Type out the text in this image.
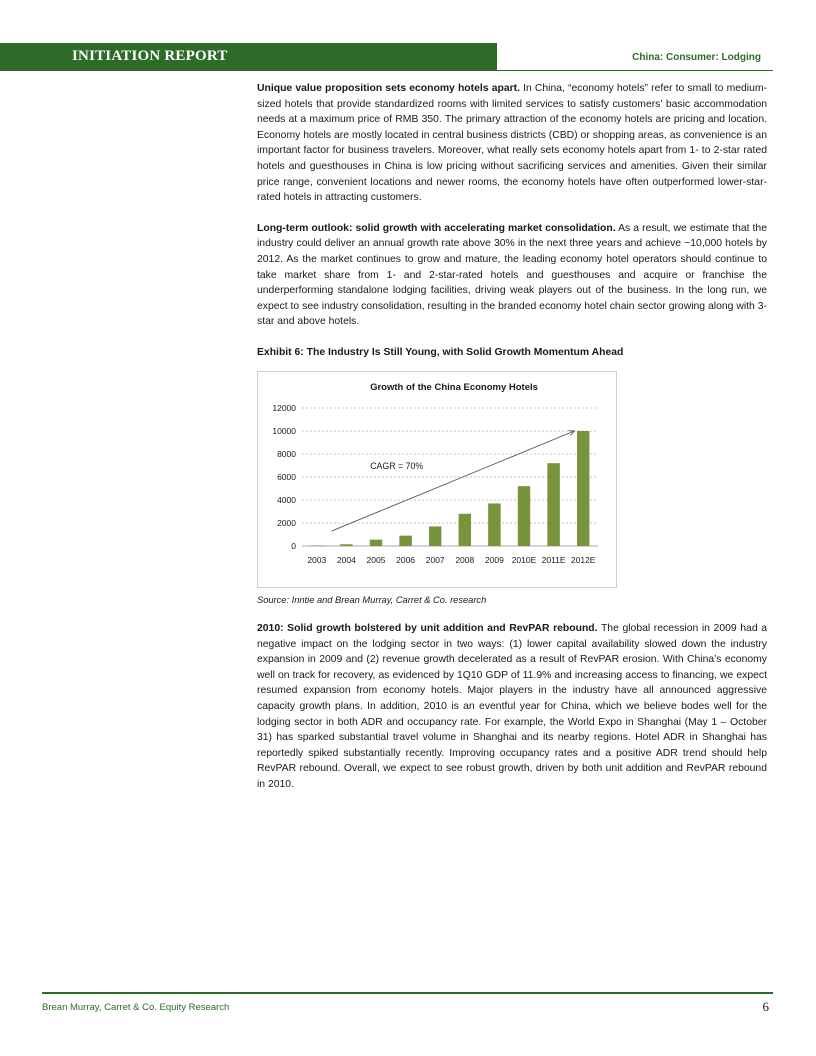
INITIATION REPORT	China: Consumer: Lodging

Unique value proposition sets economy hotels apart. In China, “economy hotels” refer to small to medium-sized hotels that provide standardized rooms with limited services to satisfy customers’ basic accommodation needs at a maximum price of RMB 350. The primary attraction of the economy hotels are pricing and location. Economy hotels are mostly located in central business districts (CBD) or shopping areas, as convenience is an important factor for business travelers. Moreover, what really sets economy hotels apart from 1- to 2-star rated hotels and guesthouses in China is low pricing without sacrificing services and amenities. Given their similar price range, convenient locations and newer rooms, the economy hotels have often outperformed lower-star-rated hotels in attracting customers.

Long-term outlook: solid growth with accelerating market consolidation. As a result, we estimate that the industry could deliver an annual growth rate above 30% in the next three years and achieve ~10,000 hotels by 2012. As the market continues to grow and mature, the leading economy hotel operators should continue to take market share from 1- and 2-star-rated hotels and guesthouses and acquire or franchise the underperforming standalone lodging facilities, driving weak players out of the business. In the long run, we expect to see industry consolidation, resulting in the branded economy hotel chain sector growing along with 3-star and above hotels.

Exhibit 6: The Industry Is Still Young, with Solid Growth Momentum Ahead
Growth of the China Economy Hotels
0
2000
4000
6000
8000
10000
12000
2003 2004 2005 2006 2007 2008 2009 2010E 2011E 2012E
CAGR = 70%
Source: Inntie and Brean Murray, Carret & Co. research

2010: Solid growth bolstered by unit addition and RevPAR rebound. The global recession in 2009 had a negative impact on the lodging sector in two ways: (1) lower capital availability slowed down the industry expansion in 2009 and (2) revenue growth decelerated as a result of RevPAR erosion. With China’s economy well on track for recovery, as evidenced by 1Q10 GDP of 11.9% and increasing access to financing, we expect resumed expansion from economy hotels. Major players in the industry have all announced aggressive capacity growth plans. In addition, 2010 is an eventful year for China, which we believe bodes well for the lodging sector in both ADR and occupancy rate. For example, the World Expo in Shanghai (May 1 – October 31) has sparked substantial travel volume in Shanghai and its nearby regions. Hotel ADR in Shanghai has reportedly spiked substantially recently. Improving occupancy rates and a positive ADR trend should help RevPAR rebound. Overall, we expect to see robust growth, driven by both unit addition and RevPAR rebound in 2010.

Brean Murray, Carret & Co. Equity Research	6
